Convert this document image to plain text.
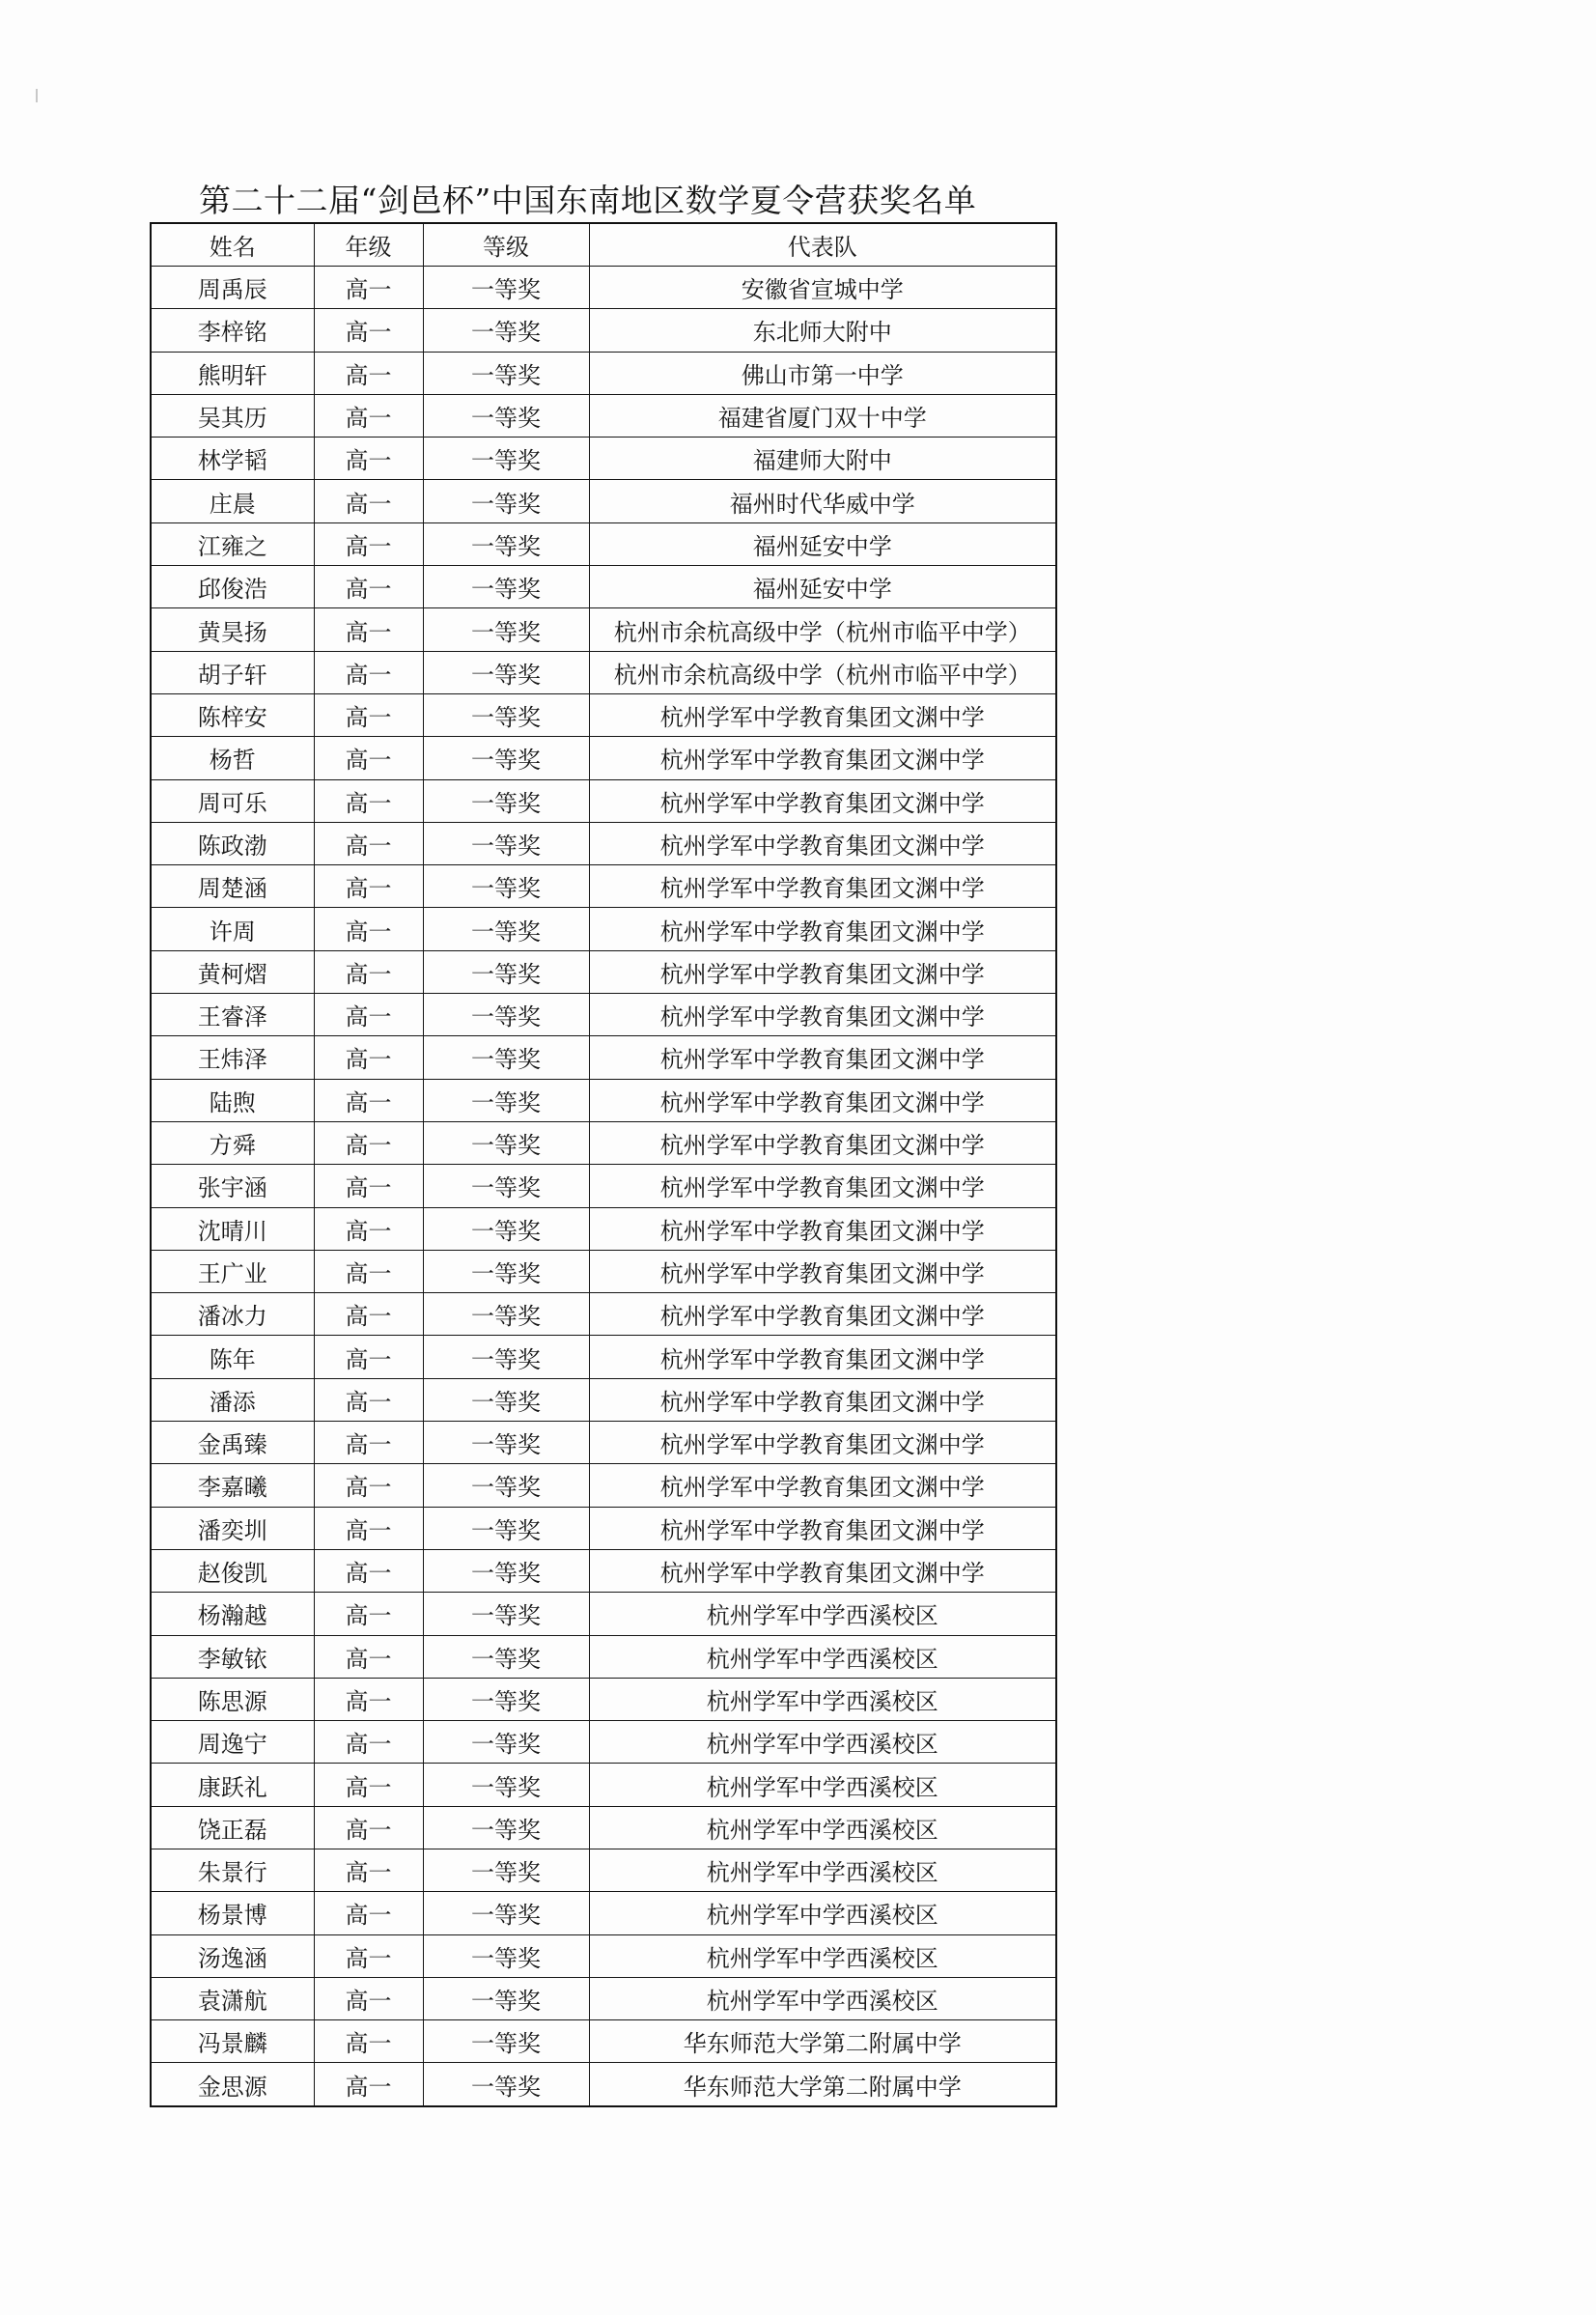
第二十二届“剑邑杯”中国东南地区数学夏令营获奖名单
姓名	年级	等级	代表队
周禹辰	高一	一等奖	安徽省宣城中学
李梓铭	高一	一等奖	东北师大附中
熊明轩	高一	一等奖	佛山市第一中学
吴其历	高一	一等奖	福建省厦门双十中学
林学韬	高一	一等奖	福建师大附中
庄晨	高一	一等奖	福州时代华威中学
江雍之	高一	一等奖	福州延安中学
邱俊浩	高一	一等奖	福州延安中学
黄昊扬	高一	一等奖	杭州市余杭高级中学（杭州市临平中学）
胡子轩	高一	一等奖	杭州市余杭高级中学（杭州市临平中学）
陈梓安	高一	一等奖	杭州学军中学教育集团文渊中学
杨哲	高一	一等奖	杭州学军中学教育集团文渊中学
周可乐	高一	一等奖	杭州学军中学教育集团文渊中学
陈政渤	高一	一等奖	杭州学军中学教育集团文渊中学
周楚涵	高一	一等奖	杭州学军中学教育集团文渊中学
许周	高一	一等奖	杭州学军中学教育集团文渊中学
黄柯熠	高一	一等奖	杭州学军中学教育集团文渊中学
王睿泽	高一	一等奖	杭州学军中学教育集团文渊中学
王炜泽	高一	一等奖	杭州学军中学教育集团文渊中学
陆煦	高一	一等奖	杭州学军中学教育集团文渊中学
方舜	高一	一等奖	杭州学军中学教育集团文渊中学
张宇涵	高一	一等奖	杭州学军中学教育集团文渊中学
沈晴川	高一	一等奖	杭州学军中学教育集团文渊中学
王广业	高一	一等奖	杭州学军中学教育集团文渊中学
潘冰力	高一	一等奖	杭州学军中学教育集团文渊中学
陈年	高一	一等奖	杭州学军中学教育集团文渊中学
潘添	高一	一等奖	杭州学军中学教育集团文渊中学
金禹臻	高一	一等奖	杭州学军中学教育集团文渊中学
李嘉曦	高一	一等奖	杭州学军中学教育集团文渊中学
潘奕圳	高一	一等奖	杭州学军中学教育集团文渊中学
赵俊凯	高一	一等奖	杭州学军中学教育集团文渊中学
杨瀚越	高一	一等奖	杭州学军中学西溪校区
李敏铱	高一	一等奖	杭州学军中学西溪校区
陈思源	高一	一等奖	杭州学军中学西溪校区
周逸宁	高一	一等奖	杭州学军中学西溪校区
康跃礼	高一	一等奖	杭州学军中学西溪校区
饶正磊	高一	一等奖	杭州学军中学西溪校区
朱景行	高一	一等奖	杭州学军中学西溪校区
杨景博	高一	一等奖	杭州学军中学西溪校区
汤逸涵	高一	一等奖	杭州学军中学西溪校区
袁潇航	高一	一等奖	杭州学军中学西溪校区
冯景麟	高一	一等奖	华东师范大学第二附属中学
金思源	高一	一等奖	华东师范大学第二附属中学
